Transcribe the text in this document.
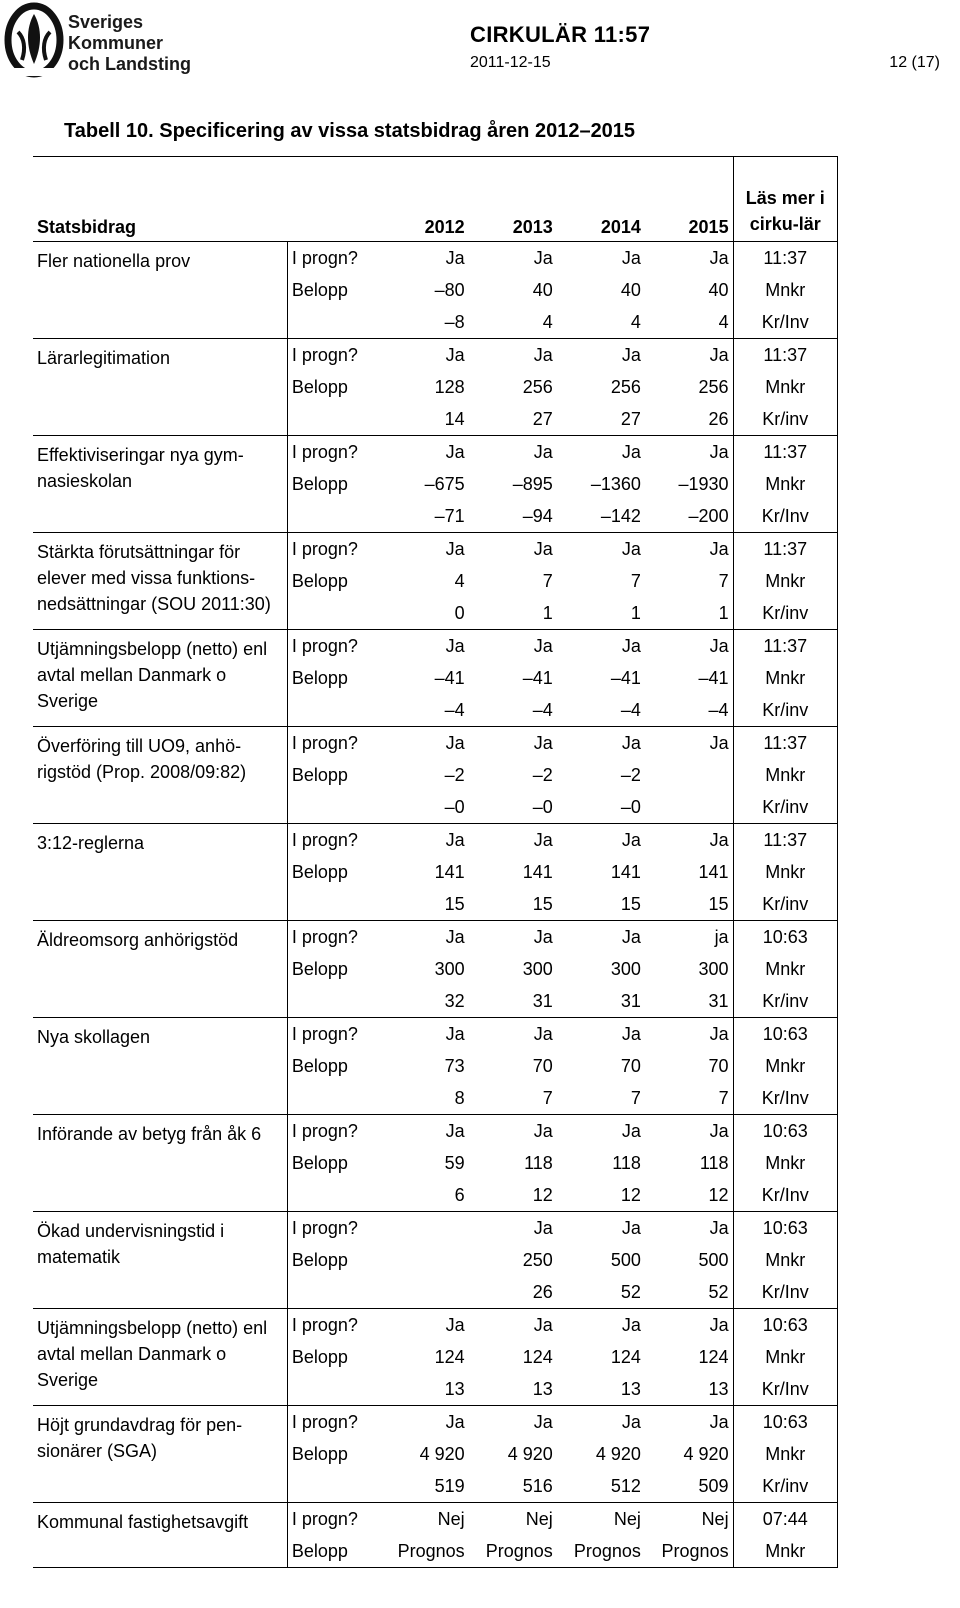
Sveriges
Kommuner
och Landsting
CIRKULÄR 11:57
2011-12-15	12 (17)
Tabell 10. Specificering av vissa statsbidrag åren 2012–2015
Statsbidrag		2012	2013	2014	2015	Läs mer i cirku-lär
Fler nationella prov	I progn?	Ja	Ja	Ja	Ja	11:37
	Belopp	–80	40	40	40	Mnkr
		–8	4	4	4	Kr/Inv
Lärarlegitimation	I progn?	Ja	Ja	Ja	Ja	11:37
	Belopp	128	256	256	256	Mnkr
		14	27	27	26	Kr/inv
Effektiviseringar nya gym-nasieskolan	I progn?	Ja	Ja	Ja	Ja	11:37
	Belopp	–675	–895	–1360	–1930	Mnkr
		–71	–94	–142	–200	Kr/Inv
Stärkta förutsättningar för elever med vissa funktions-nedsättningar (SOU 2011:30)	I progn?	Ja	Ja	Ja	Ja	11:37
	Belopp	4	7	7	7	Mnkr
		0	1	1	1	Kr/inv
Utjämningsbelopp (netto) enl avtal mellan Danmark o Sverige	I progn?	Ja	Ja	Ja	Ja	11:37
	Belopp	–41	–41	–41	–41	Mnkr
		–4	–4	–4	–4	Kr/inv
Överföring till UO9, anhö-rigstöd (Prop. 2008/09:82)	I progn?	Ja	Ja	Ja	Ja	11:37
	Belopp	–2	–2	–2		Mnkr
		–0	–0	–0		Kr/inv
3:12-reglerna	I progn?	Ja	Ja	Ja	Ja	11:37
	Belopp	141	141	141	141	Mnkr
		15	15	15	15	Kr/inv
Äldreomsorg anhörigstöd	I progn?	Ja	Ja	Ja	ja	10:63
	Belopp	300	300	300	300	Mnkr
		32	31	31	31	Kr/inv
Nya skollagen	I progn?	Ja	Ja	Ja	Ja	10:63
	Belopp	73	70	70	70	Mnkr
		8	7	7	7	Kr/Inv
Införande av betyg från åk 6	I progn?	Ja	Ja	Ja	Ja	10:63
	Belopp	59	118	118	118	Mnkr
		6	12	12	12	Kr/Inv
Ökad undervisningstid i matematik	I progn?		Ja	Ja	Ja	10:63
	Belopp		250	500	500	Mnkr
			26	52	52	Kr/Inv
Utjämningsbelopp (netto) enl avtal mellan Danmark o Sverige	I progn?	Ja	Ja	Ja	Ja	10:63
	Belopp	124	124	124	124	Mnkr
		13	13	13	13	Kr/Inv
Höjt grundavdrag för pen-sionärer (SGA)	I progn?	Ja	Ja	Ja	Ja	10:63
	Belopp	4 920	4 920	4 920	4 920	Mnkr
		519	516	512	509	Kr/inv
Kommunal fastighetsavgift	I progn?	Nej	Nej	Nej	Nej	07:44
	Belopp	Prognos	Prognos	Prognos	Prognos	Mnkr
